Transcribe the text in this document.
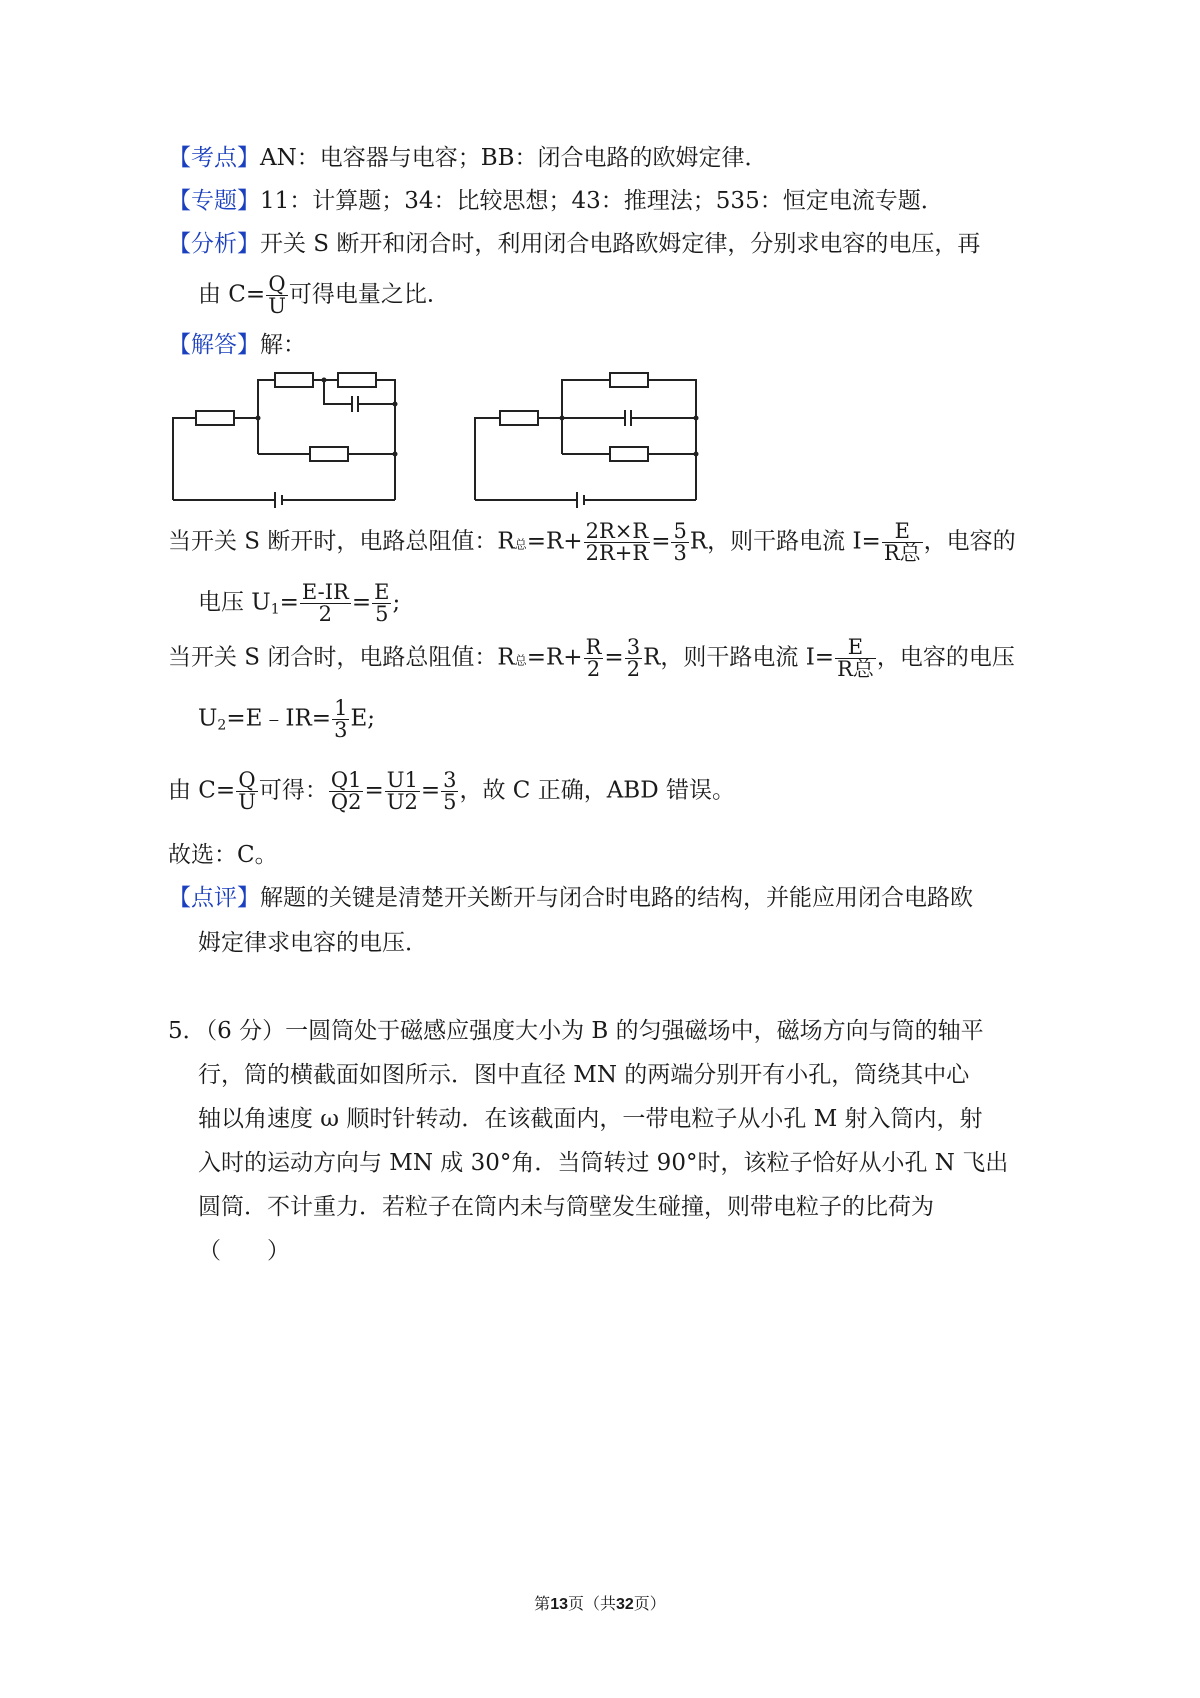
【考点】AN：电容器与电容；BB：闭合电路的欧姆定律．
【专题】11：计算题；34：比较思想；43：推理法；535：恒定电流专题．
【分析】开关 S 断开和闭合时，利用闭合电路欧姆定律，分别求电容的电压，再
由 $C= \frac{Q}{U}$ 可得电量之比．
【解答】解：
当开关 S 断开时，电路总阻值：R总$=R+ \frac{2R\times R}{2R+R} = \frac{5}{3}$ R，则干路电流 I= E
R总 ，电容的
电压 $U_1= \frac{E-IR}{2} = \frac{E}{5}$ ;
当开关 S 闭合时，电路总阻值：R总$=R+ \frac{R}{2} = \frac{3}{2}$ R，则干路电流 I= E
R总 ，电容的电压
$U_2=E﹣IR= \frac{1}{3} E$;
由 $C= \frac{Q}{U}$ 可得： $\frac{Q1}{Q2} = \frac{U1}{U2} = \frac{3}{5}$ ，故 C 正确，ABD 错误。
故选：C。
【点评】解题的关键是清楚开关断开与闭合时电路的结构，并能应用闭合电路欧
姆定律求电容的电压．
5．（6 分）一圆筒处于磁感应强度大小为 B 的匀强磁场中，磁场方向与筒的轴平
行，筒的横截面如图所示．图中直径 MN 的两端分别开有小孔，筒绕其中心
轴以角速度 ω 顺时针转动．在该截面内，一带电粒子从小孔 M 射入筒内，射
入时的运动方向与 MN 成 30°角．当筒转过 90°时，该粒子恰好从小孔 N 飞出
圆筒．不计重力．若粒子在筒内未与筒壁发生碰撞，则带电粒子的比荷为
（　　）
第13页（共32页）
